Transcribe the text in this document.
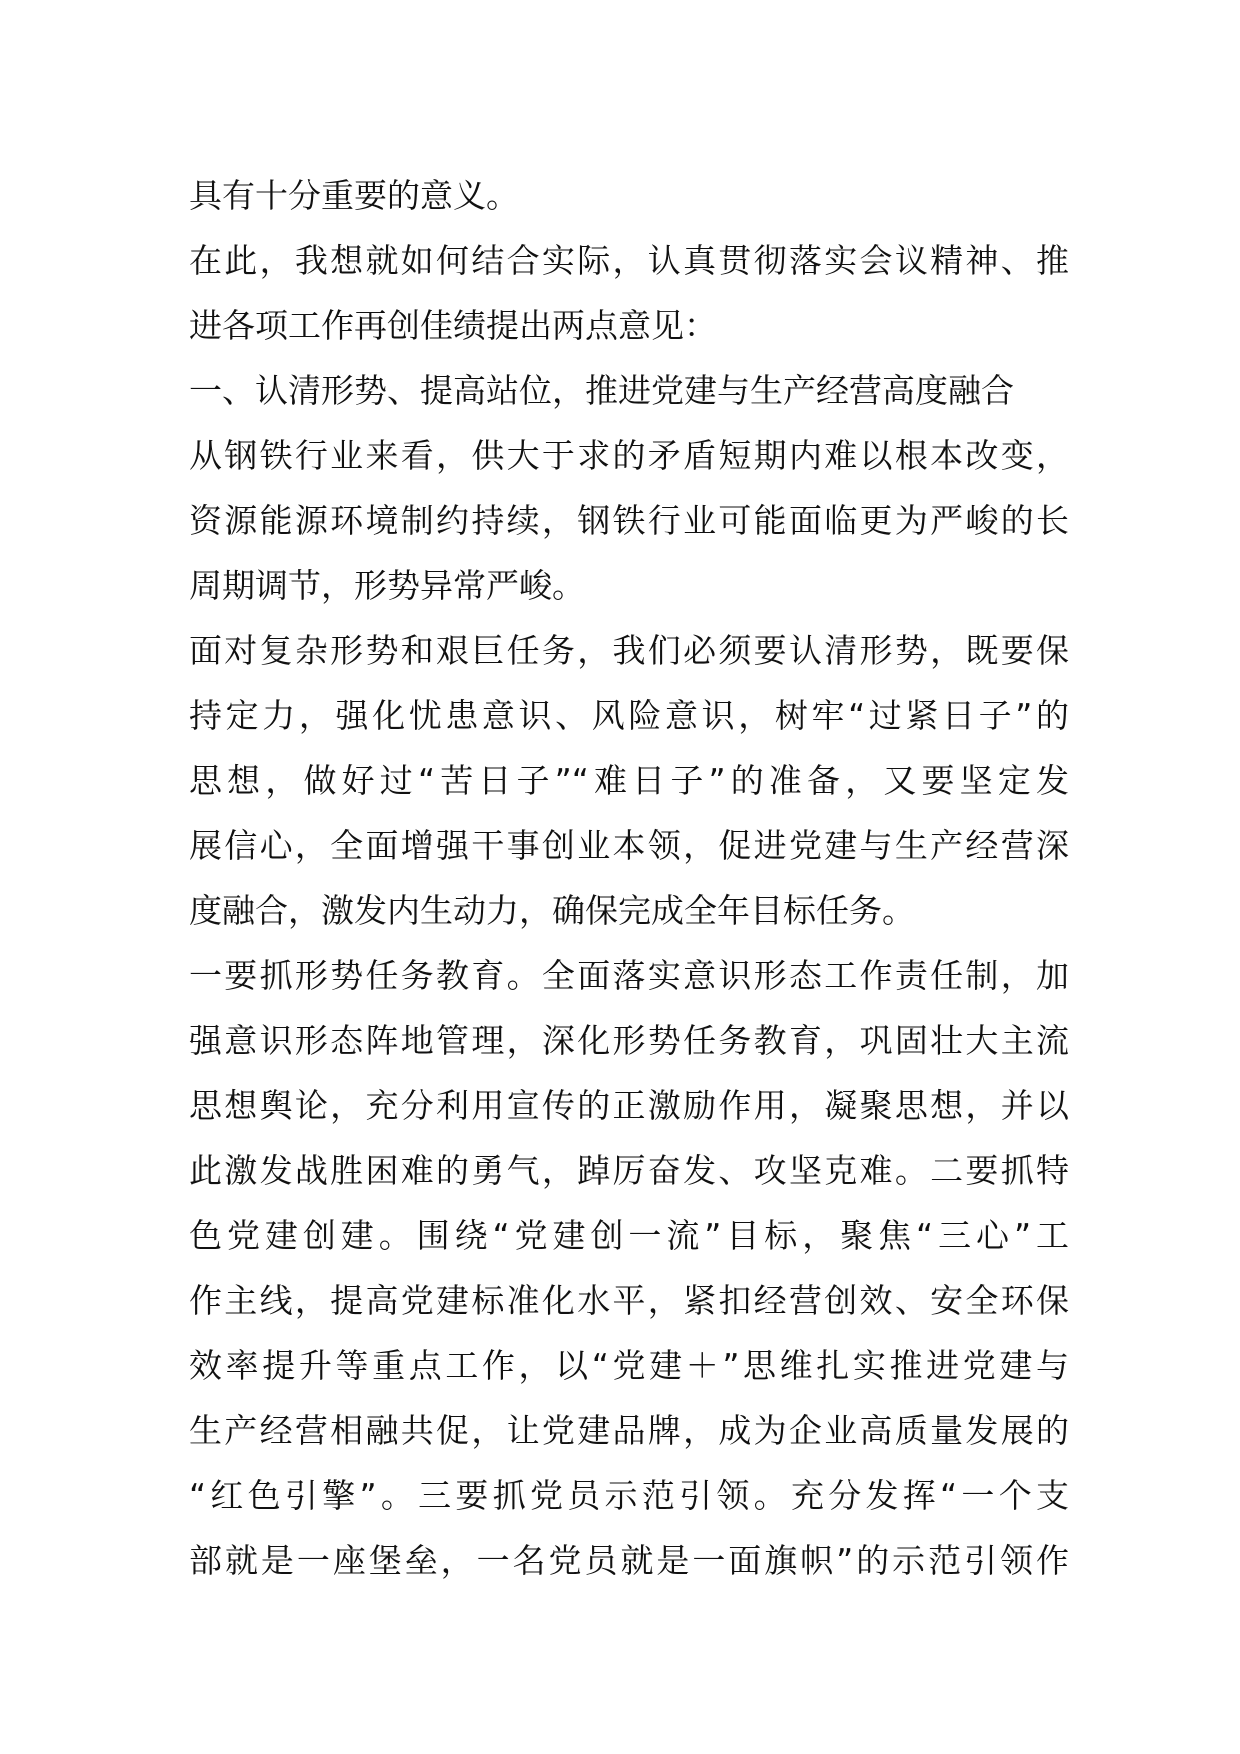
具有十分重要的意义。
在此，我想就如何结合实际，认真贯彻落实会议精神、推
进各项工作再创佳绩提出两点意见：
一、认清形势、提高站位，推进党建与生产经营高度融合
从钢铁行业来看，供大于求的矛盾短期内难以根本改变，
资源能源环境制约持续，钢铁行业可能面临更为严峻的长
周期调节，形势异常严峻。
面对复杂形势和艰巨任务，我们必须要认清形势，既要保
持定力，强化忧患意识、风险意识，树牢“过紧日子”的
思想，做好过“苦日子”“难日子”的准备，又要坚定发
展信心，全面增强干事创业本领，促进党建与生产经营深
度融合，激发内生动力，确保完成全年目标任务。
一要抓形势任务教育。全面落实意识形态工作责任制，加
强意识形态阵地管理，深化形势任务教育，巩固壮大主流
思想舆论，充分利用宣传的正激励作用，凝聚思想，并以
此激发战胜困难的勇气，踔厉奋发、攻坚克难。二要抓特
色党建创建。围绕“党建创一流”目标，聚焦“三心”工
作主线，提高党建标准化水平，紧扣经营创效、安全环保
效率提升等重点工作，以“党建＋”思维扎实推进党建与
生产经营相融共促，让党建品牌，成为企业高质量发展的
“红色引擎”。三要抓党员示范引领。充分发挥“一个支
部就是一座堡垒，一名党员就是一面旗帜”的示范引领作
